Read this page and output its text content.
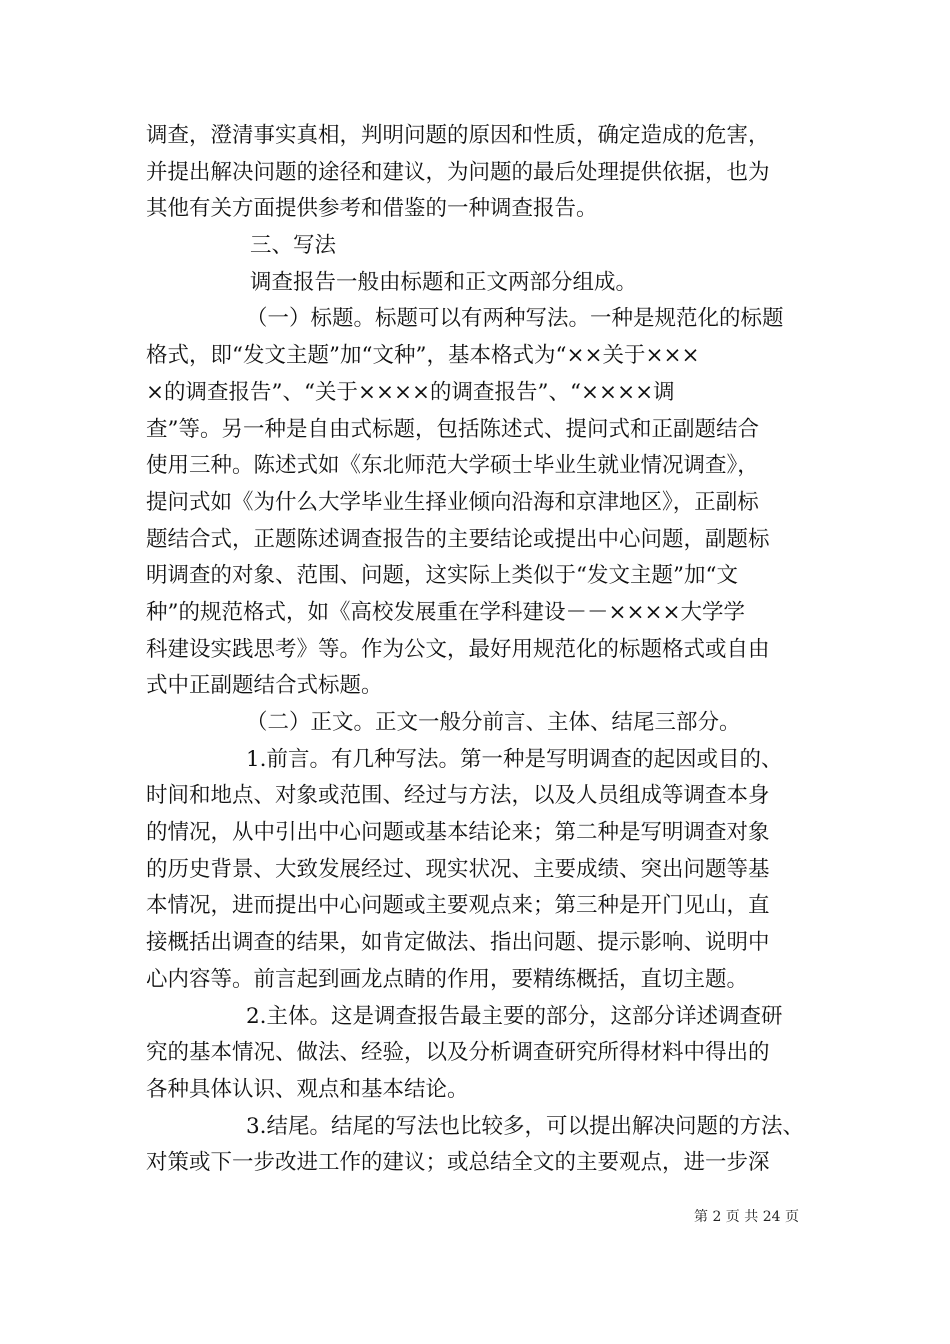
调查，澄清事实真相，判明问题的原因和性质，确定造成的危害，
并提出解决问题的途径和建议，为问题的最后处理提供依据，也为
其他有关方面提供参考和借鉴的一种调查报告。
三、写法
调查报告一般由标题和正文两部分组成。
（一）标题。标题可以有两种写法。一种是规范化的标题
格式，即“发文主题”加“文种”，基本格式为“××关于×××
×的调查报告”、“关于××××的调查报告”、“××××调
查”等。另一种是自由式标题，包括陈述式、提问式和正副题结合
使用三种。陈述式如《东北师范大学硕士毕业生就业情况调查》，
提问式如《为什么大学毕业生择业倾向沿海和京津地区》，正副标
题结合式，正题陈述调查报告的主要结论或提出中心问题，副题标
明调查的对象、范围、问题，这实际上类似于“发文主题”加“文
种”的规范格式，如《高校发展重在学科建设－－××××大学学
科建设实践思考》等。作为公文，最好用规范化的标题格式或自由
式中正副题结合式标题。
（二）正文。正文一般分前言、主体、结尾三部分。
1.前言。有几种写法。第一种是写明调查的起因或目的、
时间和地点、对象或范围、经过与方法，以及人员组成等调查本身
的情况，从中引出中心问题或基本结论来；第二种是写明调查对象
的历史背景、大致发展经过、现实状况、主要成绩、突出问题等基
本情况，进而提出中心问题或主要观点来；第三种是开门见山，直
接概括出调查的结果，如肯定做法、指出问题、提示影响、说明中
心内容等。前言起到画龙点睛的作用，要精练概括，直切主题。
2.主体。这是调查报告最主要的部分，这部分详述调查研
究的基本情况、做法、经验，以及分析调查研究所得材料中得出的
各种具体认识、观点和基本结论。
3.结尾。结尾的写法也比较多，可以提出解决问题的方法、
对策或下一步改进工作的建议；或总结全文的主要观点，进一步深
第 2 页 共 24 页
